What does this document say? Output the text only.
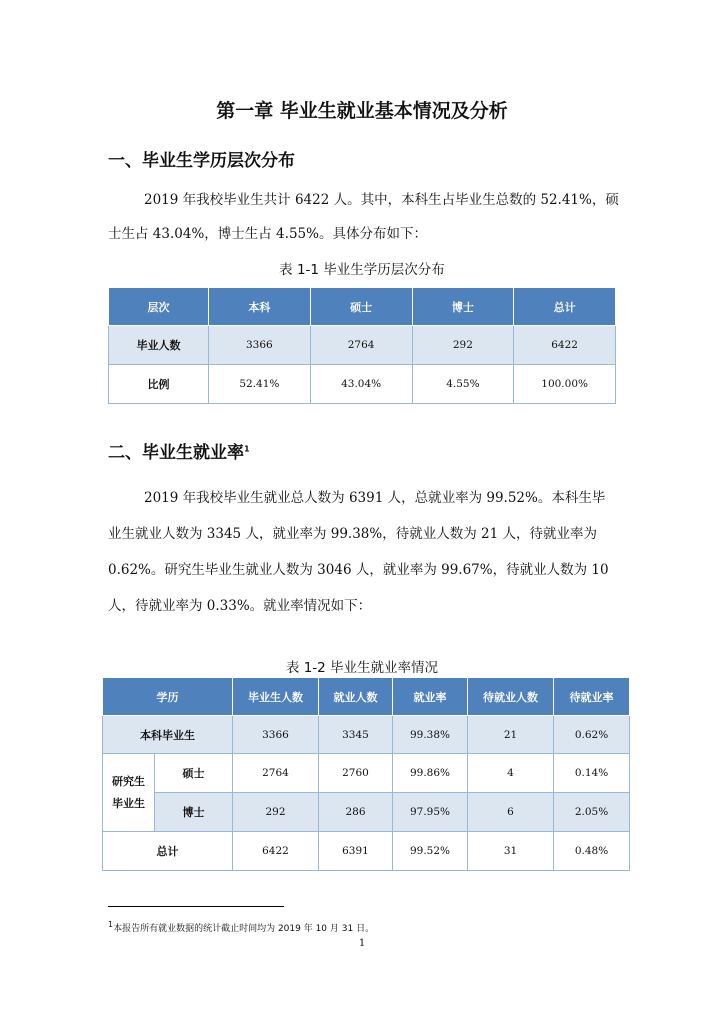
第一章 毕业生就业基本情况及分析
一、毕业生学历层次分布
2019 年我校毕业生共计 6422 人。其中，本科生占毕业生总数的 52.41%，硕
士生占 43.04%，博士生占 4.55%。具体分布如下：
表 1-1 毕业生学历层次分布
层次	本科	硕士	博士	总计
毕业人数	3366	2764	292	6422
比例	52.41%	43.04%	4.55%	100.00%
二、毕业生就业率$^1$
2019 年我校毕业生就业总人数为 6391 人，总就业率为 99.52%。本科生毕
业生就业人数为 3345 人，就业率为 99.38%，待就业人数为 21 人，待就业率为
0.62%。研究生毕业生就业人数为 3046 人，就业率为 99.67%，待就业人数为 10
人，待就业率为 0.33%。就业率情况如下：
表 1-2 毕业生就业率情况
学历		毕业生人数	就业人数	就业率	待就业人数	待就业率
本科毕业生		3366	3345	99.38%	21	0.62%

研究生
毕业生	硕士	2764	2760	99.86%	4	0.14%
	博士	292	286	97.95%	6	2.05%
总计		6422	6391	99.52%	31	0.48%
$^1$本报告所有就业数据的统计截止时间均为 2019 年 10 月 31 日。
1
